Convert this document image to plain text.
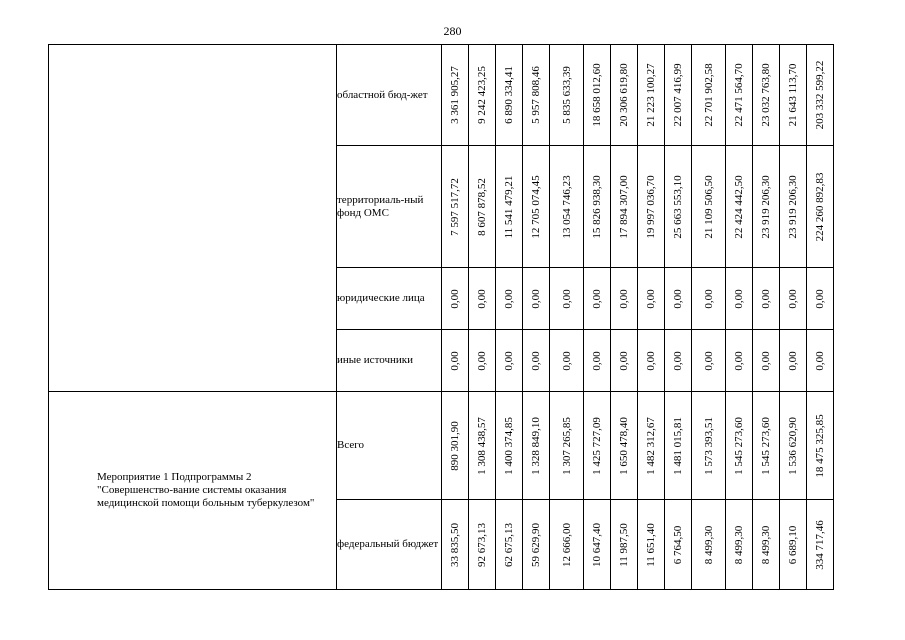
280
	областной бюд-жет	3 361 905,27	9 242 423,25	6 890 334,41	5 957 808,46	5 835 633,39	18 658 012,60	20 306 619,80	21 223 100,27	22 007 416,99	22 701 902,58	22 471 564,70	23 032 763,80	21 643 113,70	203 332 599,22

	территориаль-ный фонд ОМС	7 597 517,72	8 607 878,52	11 541 479,21	12 705 074,45	13 054 746,23	15 826 938,30	17 894 307,00	19 997 036,70	25 663 553,10	21 109 506,50	22 424 442,50	23 919 206,30	23 919 206,30	224 260 892,83

	юридические лица	0,00	0,00	0,00	0,00	0,00	0,00	0,00	0,00	0,00	0,00	0,00	0,00	0,00	0,00

	иные источники	0,00	0,00	0,00	0,00	0,00	0,00	0,00	0,00	0,00	0,00	0,00	0,00	0,00	0,00

Мероприятие 1 Подпрограммы 2 "Совершенство-вание системы оказания медицинской помощи больным туберкулезом"	Всего	890 301,90	1 308 438,57	1 400 374,85	1 328 849,10	1 307 265,85	1 425 727,09	1 650 478,40	1 482 312,67	1 481 015,81	1 573 393,51	1 545 273,60	1 545 273,60	1 536 620,90	18 475 325,85

	федеральный бюджет	33 835,50	92 673,13	62 675,13	59 629,90	12 666,00	10 647,40	11 987,50	11 651,40	6 764,50	8 499,30	8 499,30	8 499,30	6 689,10	334 717,46
